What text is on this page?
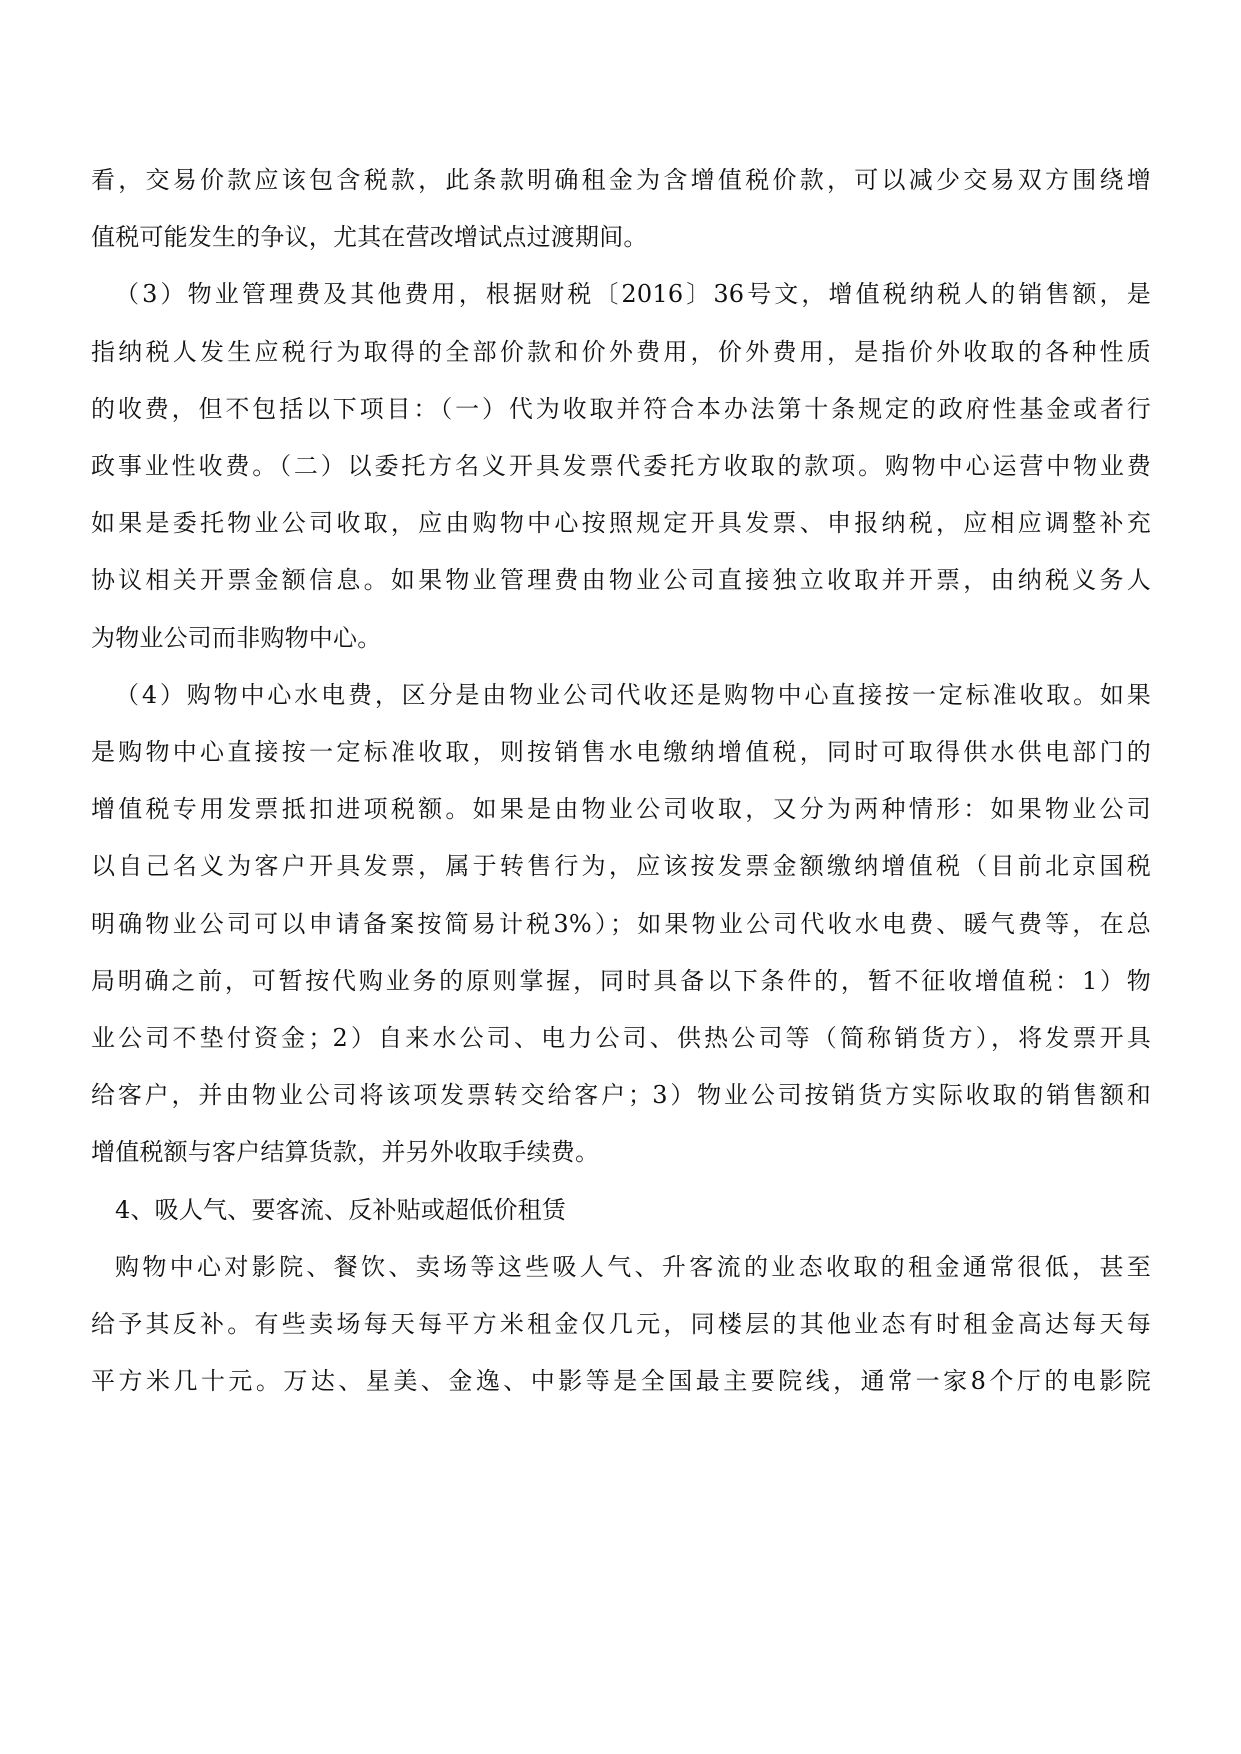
看，交易价款应该包含税款，此条款明确租金为含增值税价款，可以减少交易双方围绕增
值税可能发生的争议，尤其在营改增试点过渡期间。
（3）物业管理费及其他费用，根据财税〔2016〕36号文，增值税纳税人的销售额，是
指纳税人发生应税行为取得的全部价款和价外费用，价外费用，是指价外收取的各种性质
的收费，但不包括以下项目：（一）代为收取并符合本办法第十条规定的政府性基金或者行
政事业性收费。（二）以委托方名义开具发票代委托方收取的款项。购物中心运营中物业费
如果是委托物业公司收取，应由购物中心按照规定开具发票、申报纳税，应相应调整补充
协议相关开票金额信息。如果物业管理费由物业公司直接独立收取并开票，由纳税义务人
为物业公司而非购物中心。
（4）购物中心水电费，区分是由物业公司代收还是购物中心直接按一定标准收取。如果
是购物中心直接按一定标准收取，则按销售水电缴纳增值税，同时可取得供水供电部门的
增值税专用发票抵扣进项税额。如果是由物业公司收取，又分为两种情形：如果物业公司
以自己名义为客户开具发票，属于转售行为，应该按发票金额缴纳增值税（目前北京国税
明确物业公司可以申请备案按简易计税3%）；如果物业公司代收水电费、暖气费等，在总
局明确之前，可暂按代购业务的原则掌握，同时具备以下条件的，暂不征收增值税：1）物
业公司不垫付资金；2）自来水公司、电力公司、供热公司等（简称销货方），将发票开具
给客户，并由物业公司将该项发票转交给客户；3）物业公司按销货方实际收取的销售额和
增值税额与客户结算货款，并另外收取手续费。
4、吸人气、要客流、反补贴或超低价租赁
购物中心对影院、餐饮、卖场等这些吸人气、升客流的业态收取的租金通常很低，甚至
给予其反补。有些卖场每天每平方米租金仅几元，同楼层的其他业态有时租金高达每天每
平方米几十元。万达、星美、金逸、中影等是全国最主要院线，通常一家8个厅的电影院
